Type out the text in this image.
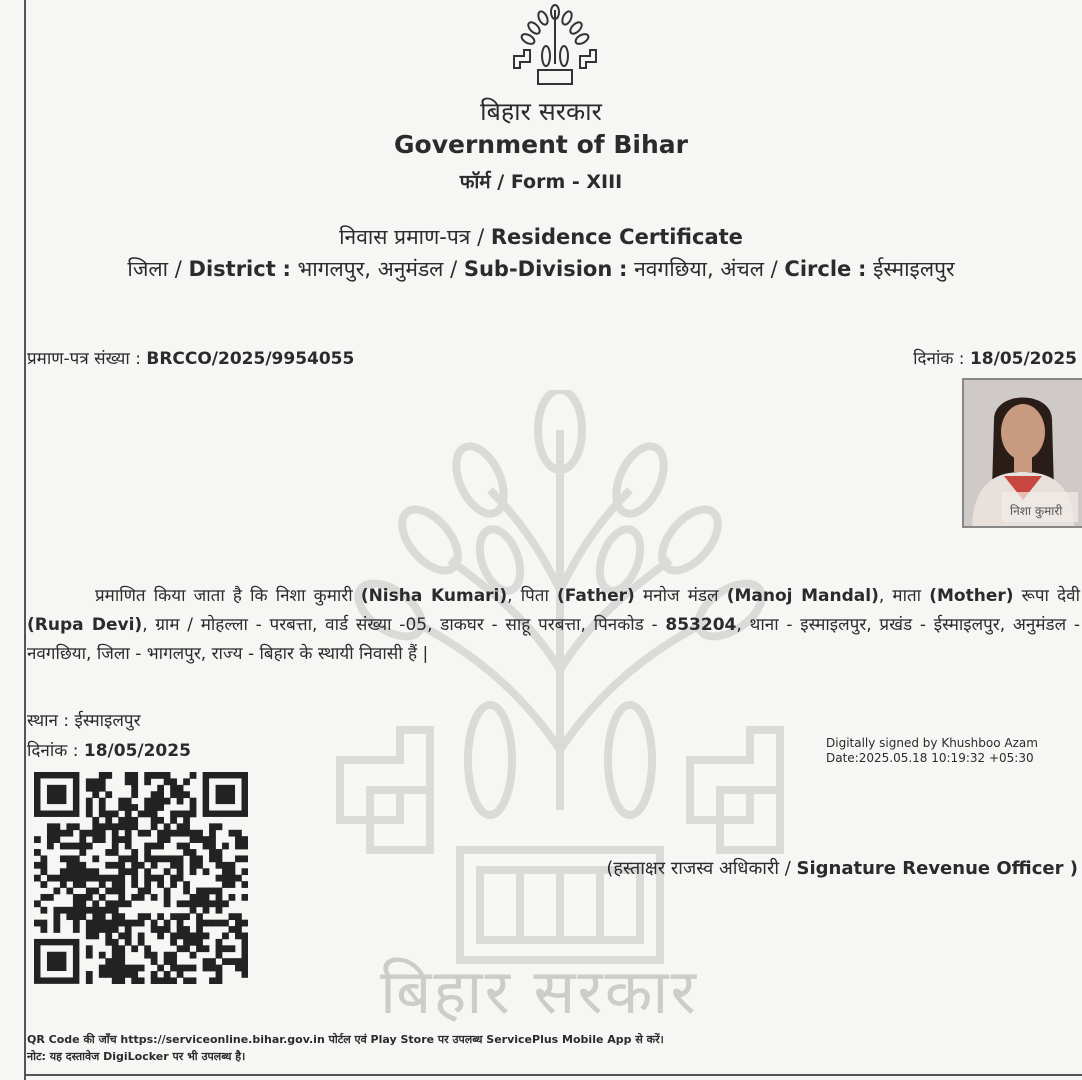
बिहार सरकार
बिहार सरकार
Government of Bihar
फॉर्म / Form - XIII
निवास प्रमाण-पत्र / Residence Certificate
जिला / District : भागलपुर, अनुमंडल / Sub-Division : नवगछिया, अंचल / Circle : ईस्माइलपुर
प्रमाण-पत्र संख्या : BRCCO/2025/9954055	दिनांक : 18/05/2025
निशा कुमारी
प्रमाणित किया जाता है कि निशा कुमारी (Nisha Kumari), पिता (Father) मनोज मंडल (Manoj Mandal), माता (Mother) रूपा देवी (Rupa Devi), ग्राम / मोहल्ला - परबत्ता, वार्ड संख्या -05, डाकघर - साहू परबत्ता, पिनकोड - 853204, थाना - इस्माइलपुर, प्रखंड - ईस्माइलपुर, अनुमंडल - नवगछिया, जिला - भागलपुर, राज्य - बिहार के स्थायी निवासी हैं |
स्थान : ईस्माइलपुर
दिनांक : 18/05/2025	Digitally signed by Khushboo Azam
Date:2025.05.18 10:19:32 +05:30
(हस्ताक्षर राजस्व अधिकारी / Signature Revenue Officer )
QR Code की जाँच https://serviceonline.bihar.gov.in पोर्टल एवं Play Store पर उपलब्ध ServicePlus Mobile App से करें।
नोट: यह दस्तावेज DigiLocker पर भी उपलब्ध है।
